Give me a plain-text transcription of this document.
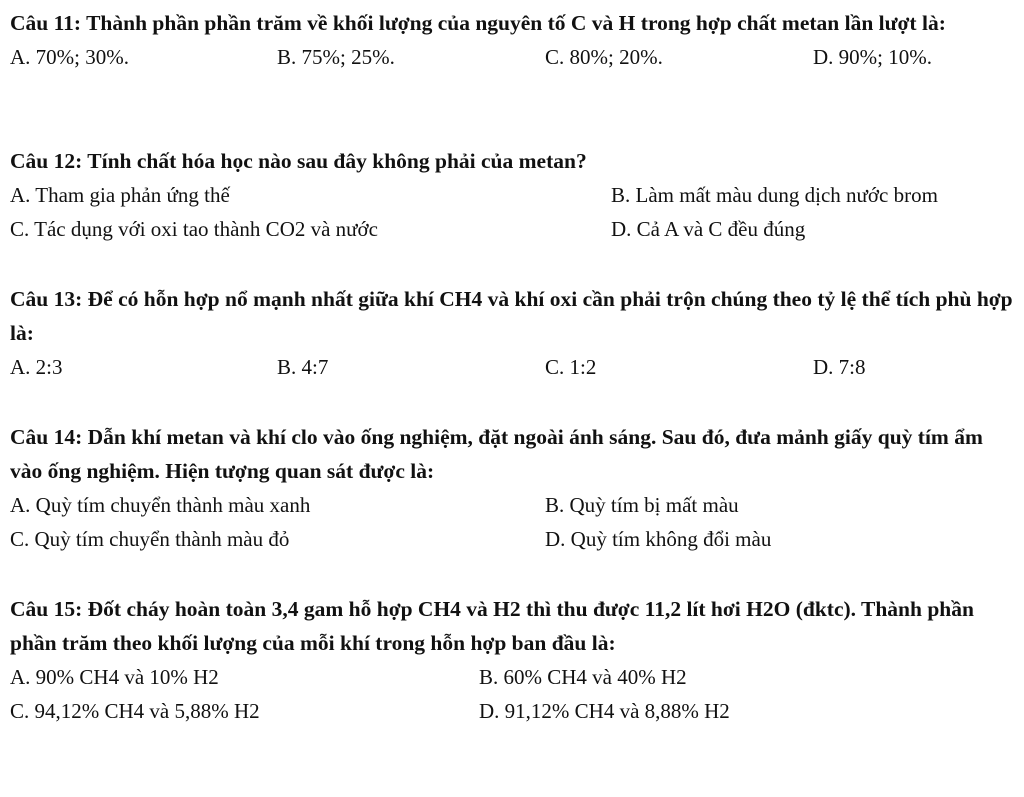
Câu 11: Thành phần phần trăm về khối lượng của nguyên tố C và H trong hợp chất metan lần lượt là:

A. 70%; 30%.	B. 75%; 25%.	C. 80%; 20%.	D. 90%; 10%.

Câu 12: Tính chất hóa học nào sau đây không phải của metan?

A. Tham gia phản ứng thế	B. Làm mất màu dung dịch nước brom
C. Tác dụng với oxi tao thành CO2 và nước	D. Cả A và C đều đúng

Câu 13: Để có hỗn hợp nổ mạnh nhất giữa khí CH4 và khí oxi cần phải trộn chúng theo tỷ lệ thể tích phù hợp là:

A. 2:3	B. 4:7	C. 1:2	D. 7:8

Câu 14: Dẫn khí metan và khí clo vào ống nghiệm, đặt ngoài ánh sáng. Sau đó, đưa mảnh giấy quỳ tím ẩm vào ống nghiệm. Hiện tượng quan sát được là:

A. Quỳ tím chuyển thành màu xanh	B. Quỳ tím bị mất màu
C. Quỳ tím chuyển thành màu đỏ	D. Quỳ tím không đổi màu

Câu 15: Đốt cháy hoàn toàn 3,4 gam hỗ hợp CH4 và H2 thì thu được 11,2 lít hơi H2O (đktc). Thành phần phần trăm theo khối lượng của mỗi khí trong hỗn hợp ban đầu là:

A. 90% CH4 và 10% H2	B. 60% CH4 và 40% H2
C. 94,12% CH4 và 5,88% H2	D. 91,12% CH4 và 8,88% H2
